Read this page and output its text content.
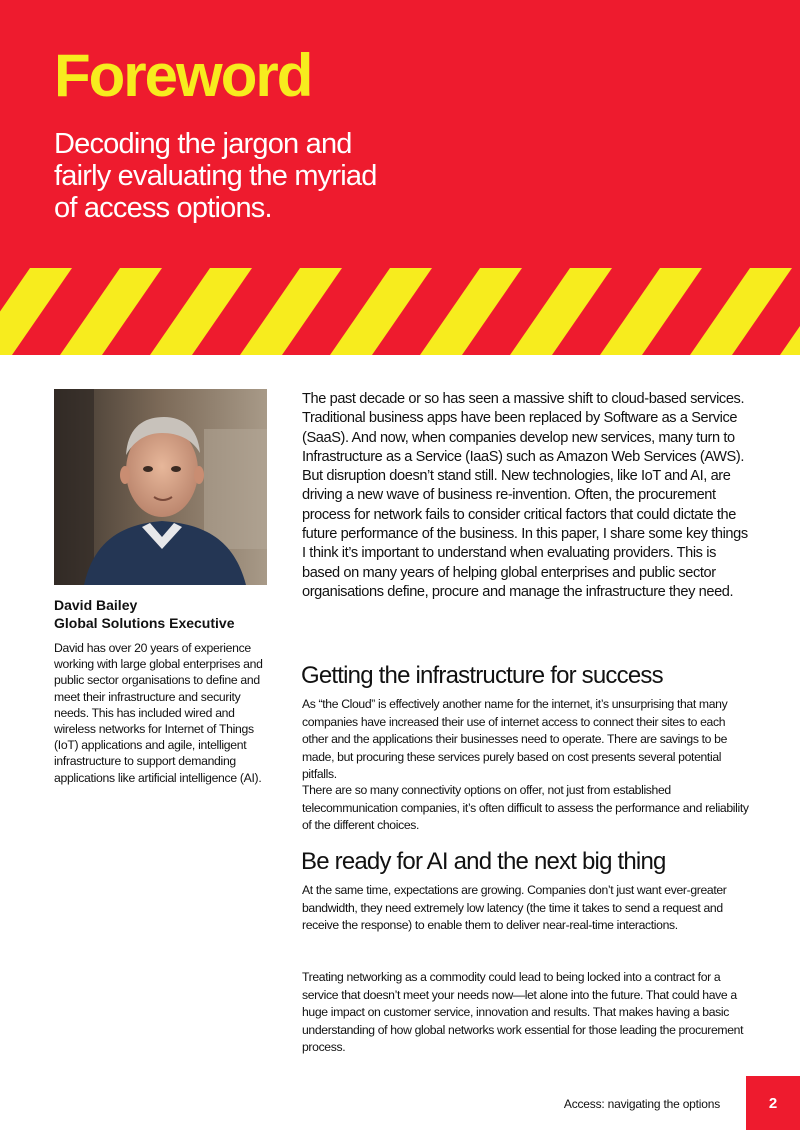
Foreword
Decoding the jargon and
fairly evaluating the myriad
of access options.
David Bailey
Global Solutions Executive
David has over 20 years of experience working with large global enterprises and public sector organisations to define and meet their infrastructure and security needs. This has included wired and wireless networks for Internet of Things (IoT) applications and agile, intelligent infrastructure to support demanding applications like artificial intelligence (AI).
The past decade or so has seen a massive shift to cloud-based services. Traditional business apps have been replaced by Software as a Service (SaaS). And now, when companies develop new services, many turn to Infrastructure as a Service (IaaS) such as Amazon Web Services (AWS). But disruption doesn’t stand still. New technologies, like IoT and AI, are driving a new wave of business re-invention. Often, the procurement process for network fails to consider critical factors that could dictate the future performance of the business. In this paper, I share some key things I think it’s important to understand when evaluating providers. This is based on many years of helping global enterprises and public sector organisations define, procure and manage the infrastructure they need.
Getting the infrastructure for success
As “the Cloud” is effectively another name for the internet, it’s unsurprising that many companies have increased their use of internet access to connect their sites to each other and the applications their businesses need to operate. There are savings to be made, but procuring these services purely based on cost presents several potential pitfalls.
There are so many connectivity options on offer, not just from established telecommunication companies, it’s often difficult to assess the performance and reliability of the different choices.
Be ready for AI and the next big thing
At the same time, expectations are growing. Companies don’t just want ever-greater bandwidth, they need extremely low latency (the time it takes to send a request and receive the response) to enable them to deliver near-real-time interactions.
Treating networking as a commodity could lead to being locked into a contract for a service that doesn’t meet your needs now—let alone into the future. That could have a huge impact on customer service, innovation and results. That makes having a basic understanding of how global networks work essential for those leading the procurement process.
Access: navigating the options	2
